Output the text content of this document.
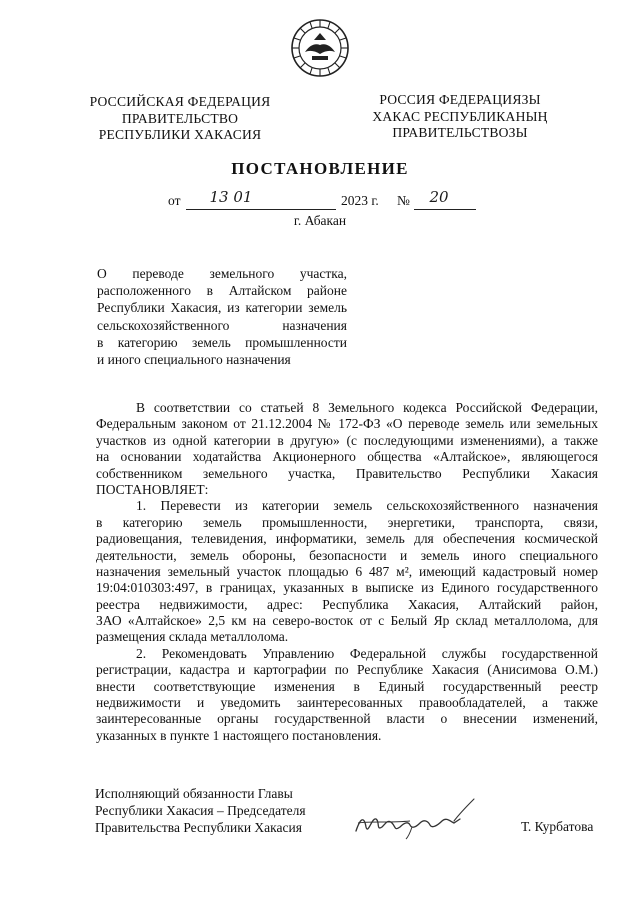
РОССИЙСКАЯ ФЕДЕРАЦИЯ
ПРАВИТЕЛЬСТВО
РЕСПУБЛИКИ ХАКАСИЯ
РОССИЯ ФЕДЕРАЦИЯЗЫ
ХАКАС РЕСПУБЛИКАНЫҢ
ПРАВИТЕЛЬСТВОЗЫ
ПОСТАНОВЛЕНИЕ
от	13 01	2023 г. №	20
г. Абакан
О переводе земельного участка,
расположенного в Алтайском районе
Республики Хакасия, из категории земель
сельскохозяйственного назначения
в категорию земель промышленности
и иного специального назначения

В соответствии со статьей 8 Земельного кодекса Российской Федерации,
Федеральным законом от 21.12.2004 № 172-ФЗ «О переводе земель или земельных
участков из одной категории в другую» (с последующими изменениями), а также
на основании ходатайства Акционерного общества «Алтайское», являющегося
собственником земельного участка, Правительство Республики Хакасия
ПОСТАНОВЛЯЕТ:

1. Перевести из категории земель сельскохозяйственного назначения
в категорию земель промышленности, энергетики, транспорта, связи,
радиовещания, телевидения, информатики, земель для обеспечения космической
деятельности, земель обороны, безопасности и земель иного специального
назначения земельный участок площадью 6 487 м², имеющий кадастровый номер
19:04:010303:497, в границах, указанных в выписке из Единого государственного
реестра недвижимости, адрес: Республика Хакасия, Алтайский район,
ЗАО «Алтайское» 2,5 км на северо-восток от с Белый Яр склад металлолома, для
размещения склада металлолома.

2. Рекомендовать Управлению Федеральной службы государственной
регистрации, кадастра и картографии по Республике Хакасия (Анисимова О.М.)
внести соответствующие изменения в Единый государственный реестр
недвижимости и уведомить заинтересованных правообладателей, а также
заинтересованные органы государственной власти о внесении изменений,
указанных в пункте 1 настоящего постановления.

Исполняющий обязанности Главы
Республики Хакасия – Председателя
Правительства Республики Хакасия	Т. Курбатова
